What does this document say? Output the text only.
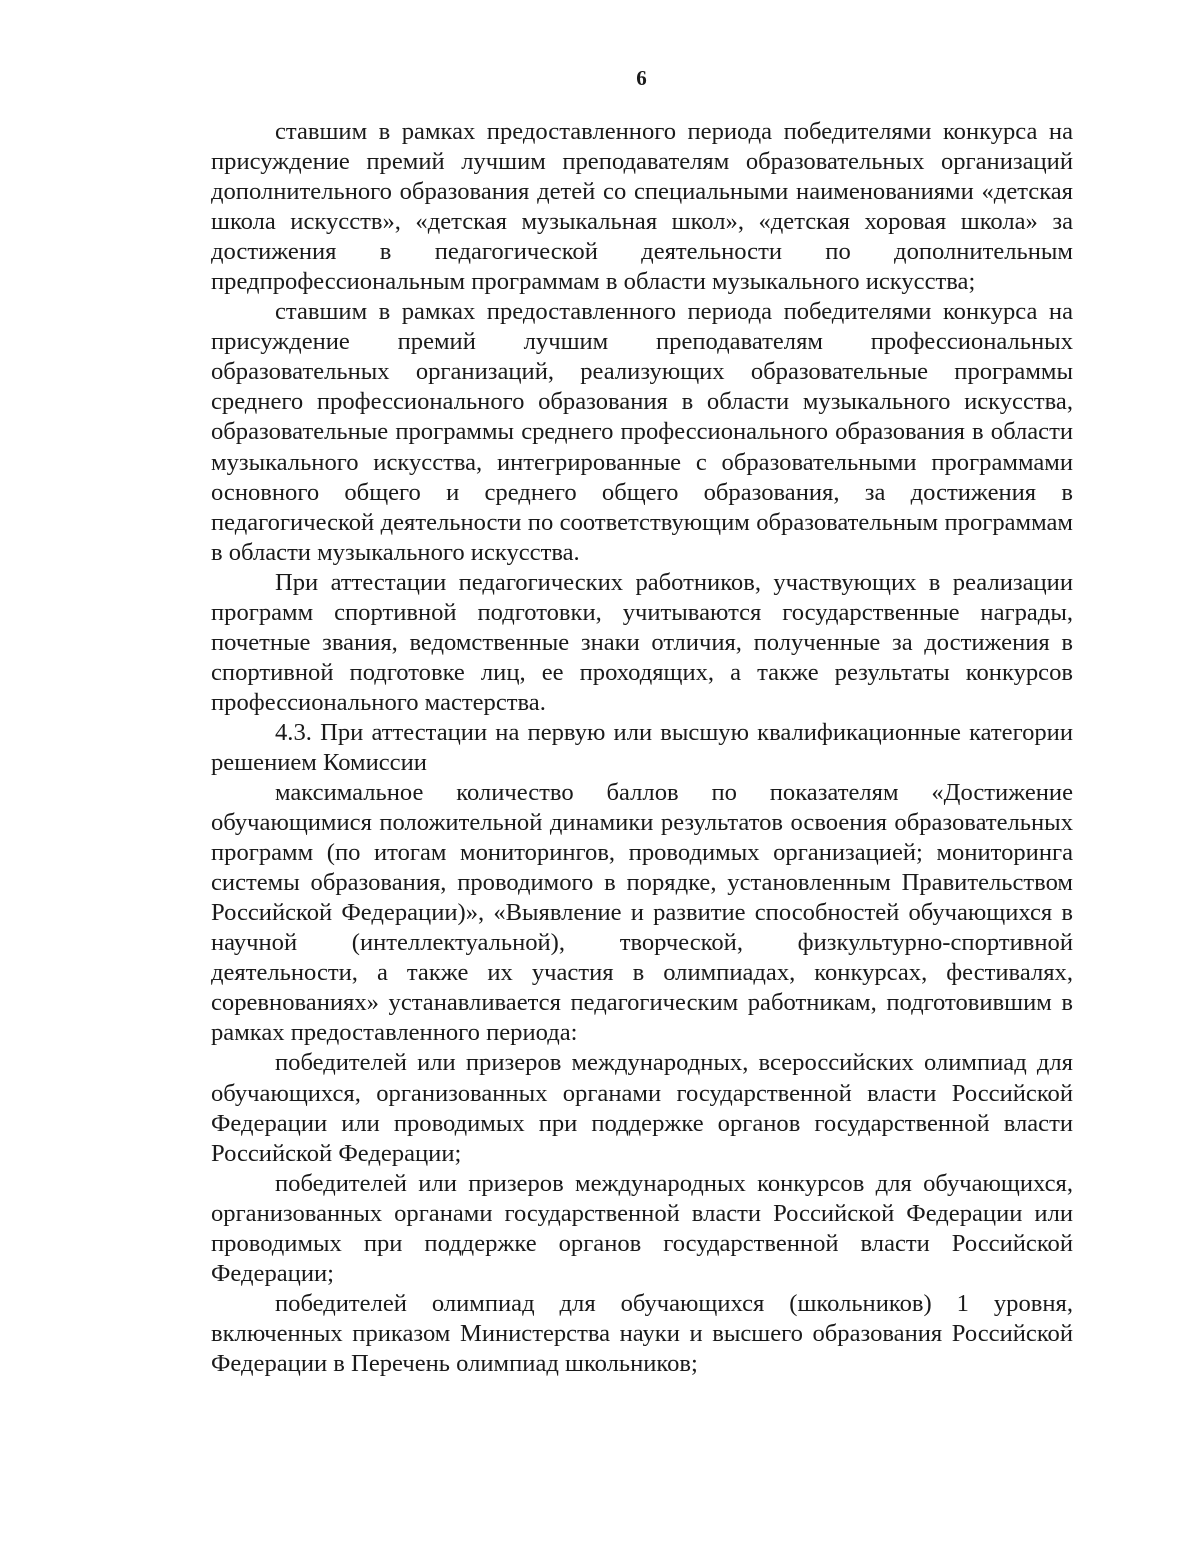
6

ставшим в рамках предоставленного периода победителями конкурса на присуждение премий лучшим преподавателям образовательных организаций дополнительного образования детей со специальными наименованиями «детская школа искусств», «детская музыкальная школ», «детская хоровая школа» за достижения в педагогической деятельности по дополнительным предпрофессиональным программам в области музыкального искусства;

ставшим в рамках предоставленного периода победителями конкурса на присуждение премий лучшим преподавателям профессиональных образовательных организаций, реализующих образовательные программы среднего профессионального образования в области музыкального искусства, образовательные программы среднего профессионального образования в области музыкального искусства, интегрированные с образовательными программами основного общего и среднего общего образования, за достижения в педагогической деятельности по соответствующим образовательным программам в области музыкального искусства.

При аттестации педагогических работников, участвующих в реализации программ спортивной подготовки, учитываются государственные награды, почетные звания, ведомственные знаки отличия, полученные за достижения в спортивной подготовке лиц, ее проходящих, а также результаты конкурсов профессионального мастерства.

4.3. При аттестации на первую или высшую квалификационные категории решением Комиссии

максимальное количество баллов по показателям «Достижение обучающимися положительной динамики результатов освоения образовательных программ (по итогам мониторингов, проводимых организацией; мониторинга системы образования, проводимого в порядке, установленным Правительством Российской Федерации)», «Выявление и развитие способностей обучающихся в научной (интеллектуальной), творческой, физкультурно-спортивной деятельности, а также их участия в олимпиадах, конкурсах, фестивалях, соревнованиях» устанавливается педагогическим работникам, подготовившим в рамках предоставленного периода:

победителей или призеров международных, всероссийских олимпиад для обучающихся, организованных органами государственной власти Российской Федерации или проводимых при поддержке органов государственной власти Российской Федерации;

победителей или призеров международных конкурсов для обучающихся, организованных органами государственной власти Российской Федерации или проводимых при поддержке органов государственной власти Российской Федерации;

победителей олимпиад для обучающихся (школьников) 1 уровня, включенных приказом Министерства науки и высшего образования Российской Федерации в Перечень олимпиад школьников;
